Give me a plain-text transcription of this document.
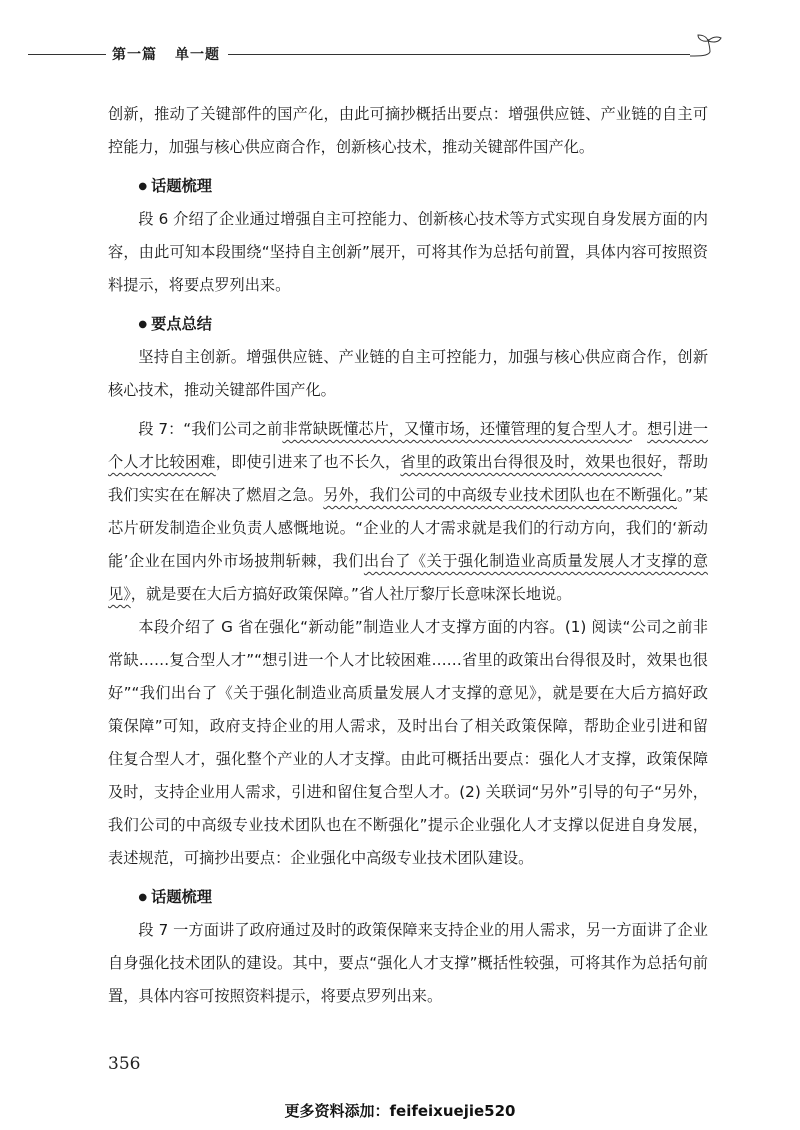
第一篇 单一题

创新，推动了关键部件的国产化，由此可摘抄概括出要点：增强供应链、产业链的自主可控能力，加强与核心供应商合作，创新核心技术，推动关键部件国产化。

● 话题梳理

段 6 介绍了企业通过增强自主可控能力、创新核心技术等方式实现自身发展方面的内容，由此可知本段围绕“坚持自主创新”展开，可将其作为总括句前置，具体内容可按照资料提示，将要点罗列出来。

● 要点总结

坚持自主创新。增强供应链、产业链的自主可控能力，加强与核心供应商合作，创新核心技术，推动关键部件国产化。

段 7：“我们公司之前非常缺既懂芯片，又懂市场，还懂管理的复合型人才。想引进一个人才比较困难，即使引进来了也不长久，省里的政策出台得很及时，效果也很好，帮助我们实实在在解决了燃眉之急。另外，我们公司的中高级专业技术团队也在不断强化。”某芯片研发制造企业负责人感慨地说。“企业的人才需求就是我们的行动方向，我们的‘新动能’企业在国内外市场披荆斩棘，我们出台了《关于强化制造业高质量发展人才支撑的意见》，就是要在大后方搞好政策保障。”省人社厅黎厅长意味深长地说。

本段介绍了 G 省在强化“新动能”制造业人才支撑方面的内容。(1) 阅读“公司之前非常缺……复合型人才”“想引进一个人才比较困难……省里的政策出台得很及时，效果也很好”“我们出台了《关于强化制造业高质量发展人才支撑的意见》，就是要在大后方搞好政策保障”可知，政府支持企业的用人需求，及时出台了相关政策保障，帮助企业引进和留住复合型人才，强化整个产业的人才支撑。由此可概括出要点：强化人才支撑，政策保障及时，支持企业用人需求，引进和留住复合型人才。(2) 关联词“另外”引导的句子“另外，我们公司的中高级专业技术团队也在不断强化”提示企业强化人才支撑以促进自身发展，表述规范，可摘抄出要点：企业强化中高级专业技术团队建设。

● 话题梳理

段 7 一方面讲了政府通过及时的政策保障来支持企业的用人需求，另一方面讲了企业自身强化技术团队的建设。其中，要点“强化人才支撑”概括性较强，可将其作为总括句前置，具体内容可按照资料提示，将要点罗列出来。

356
更多资料添加：feifeixuejie520
